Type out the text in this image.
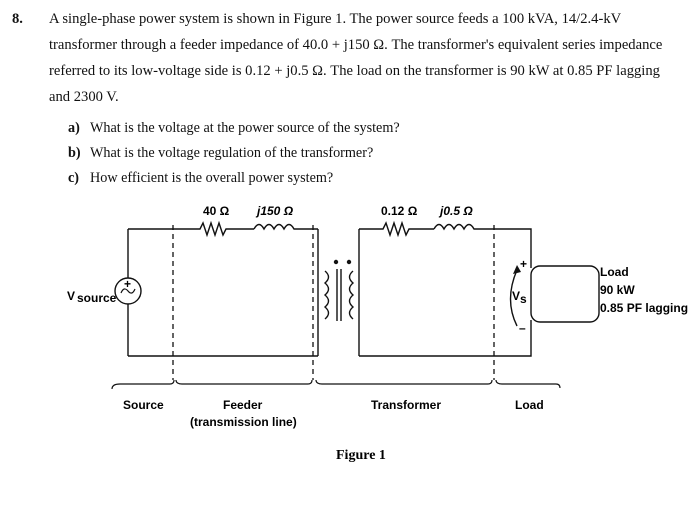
8. A single-phase power system is shown in Figure 1. The power source feeds a 100 kVA, 14/2.4-kV
transformer through a feeder impedance of 40.0 + j150 Ω. The transformer's equivalent series impedance
referred to its low-voltage side is 0.12 + j0.5 Ω. The load on the transformer is 90 kW at 0.85 PF lagging
and 2300 V.
a) What is the voltage at the power source of the system?
b) What is the voltage regulation of the transformer?
c) How efficient is the overall power system?
+
40 Ω j150 Ω	0.12 Ω j0.5 Ω
V source
+
V s
–
Load
90 kW
0.85 PF lagging
Source	Feeder
(transmission line)
Transformer	Load
Figure 1
